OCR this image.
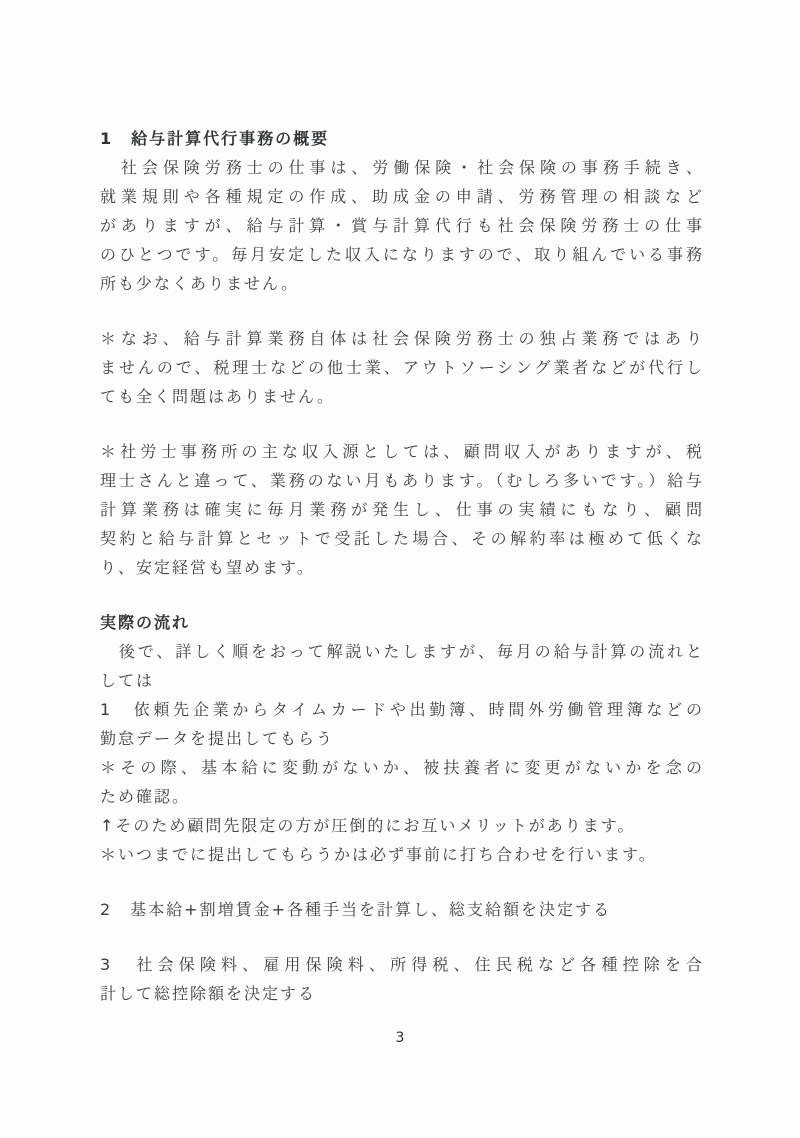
1　給与計算代行事務の概要
　社会保険労務士の仕事は、労働保険・社会保険の事務手続き、
就業規則や各種規定の作成、助成金の申請、労務管理の相談など
がありますが、給与計算・賞与計算代行も社会保険労務士の仕事
のひとつです。毎月安定した収入になりますので、取り組んでいる事務
所も少なくありません。
＊なお、給与計算業務自体は社会保険労務士の独占業務ではあり
ませんので、税理士などの他士業、アウトソーシング業者などが代行し
ても全く問題はありません。
＊社労士事務所の主な収入源としては、顧問収入がありますが、税
理士さんと違って、業務のない月もあります。（むしろ多いです。）給与
計算業務は確実に毎月業務が発生し、仕事の実績にもなり、顧問
契約と給与計算とセットで受託した場合、その解約率は極めて低くな
り、安定経営も望めます。
実際の流れ
　後で、詳しく順をおって解説いたしますが、毎月の給与計算の流れと
しては
1　依頼先企業からタイムカードや出勤簿、時間外労働管理簿などの
勤怠データを提出してもらう
＊その際、基本給に変動がないか、被扶養者に変更がないかを念の
ため確認。
↑そのため顧問先限定の方が圧倒的にお互いメリットがあります。
＊いつまでに提出してもらうかは必ず事前に打ち合わせを行います。
2　基本給+割増賃金+各種手当を計算し、総支給額を決定する
3　社会保険料、雇用保険料、所得税、住民税など各種控除を合
計して総控除額を決定する
3
